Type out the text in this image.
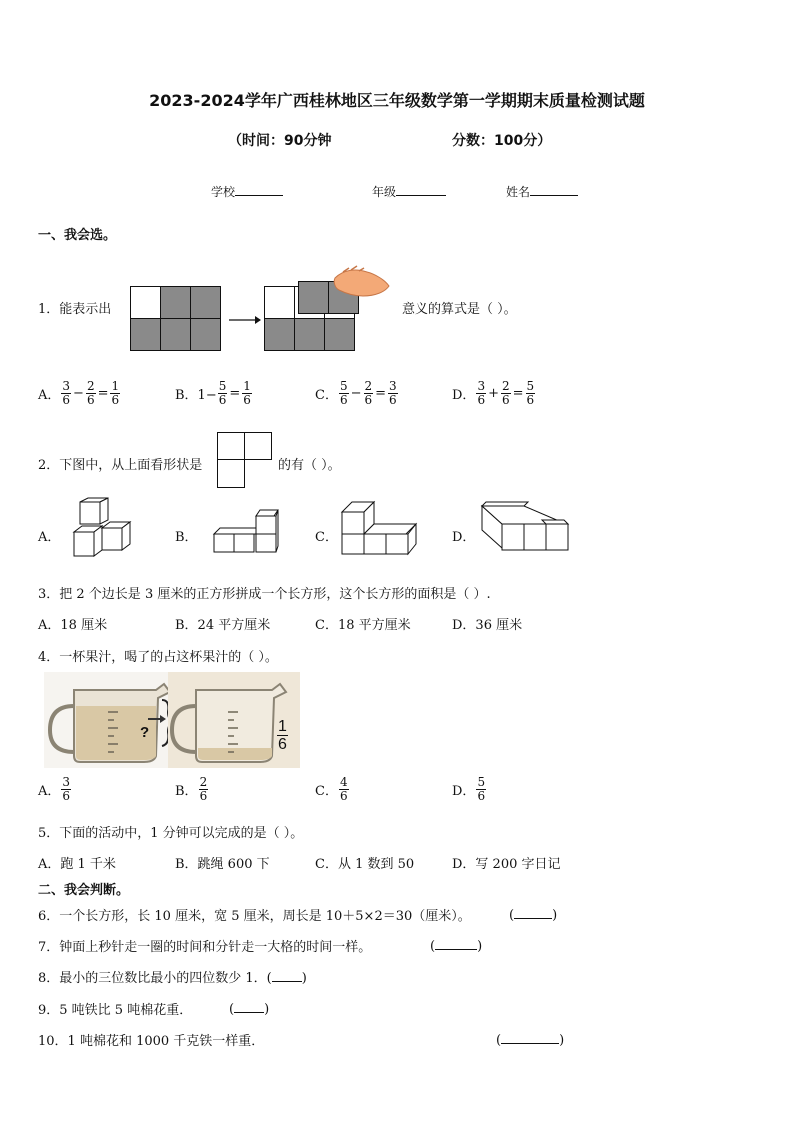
2023-2024学年广西桂林地区三年级数学第一学期期末质量检测试题
（时间：90分钟	分数：100分）
学校	年级	姓名
一、我会选。
1．能表示出	意义的算式是（ ）。
A． $\frac{3}{6} - \frac{2}{6} = \frac{1}{6}$	B．$1- \frac{5}{6} = \frac{1}{6}$	C． $\frac{5}{6} - \frac{2}{6} = \frac{3}{6}$	D． $\frac{3}{6} + \frac{2}{6} = \frac{5}{6}$
2．下图中，从上面看形状是	的有（ ）。
A．	B．	C．	D．
3．把 2 个边长是 3 厘米的正方形拼成一个长方形，这个长方形的面积是（ ）.
A．18 厘米	B．24 平方厘米	C．18 平方厘米	D．36 厘米
4．一杯果汁，喝了的占这杯果汁的（ ）。
?	$\frac{1}{6}$
A． $\frac{3}{6}$	B． $\frac{2}{6}$	C． $\frac{4}{6}$	D． $\frac{5}{6}$
5．下面的活动中，1 分钟可以完成的是（ ）。
A．跑 1 千米	B．跳绳 600 下	C．从 1 数到 50	D．写 200 字日记
二、我会判断。
6．一个长方形，长 10 厘米，宽 5 厘米，周长是 10＋5×2＝30（厘米）。	(	)
7．钟面上秒针走一圈的时间和分针走一大格的时间一样。	(	)
8．最小的三位数比最小的四位数少 1．( )
9．5 吨铁比 5 吨棉花重．	( )
10．1 吨棉花和 1000 千克铁一样重．	(	)
